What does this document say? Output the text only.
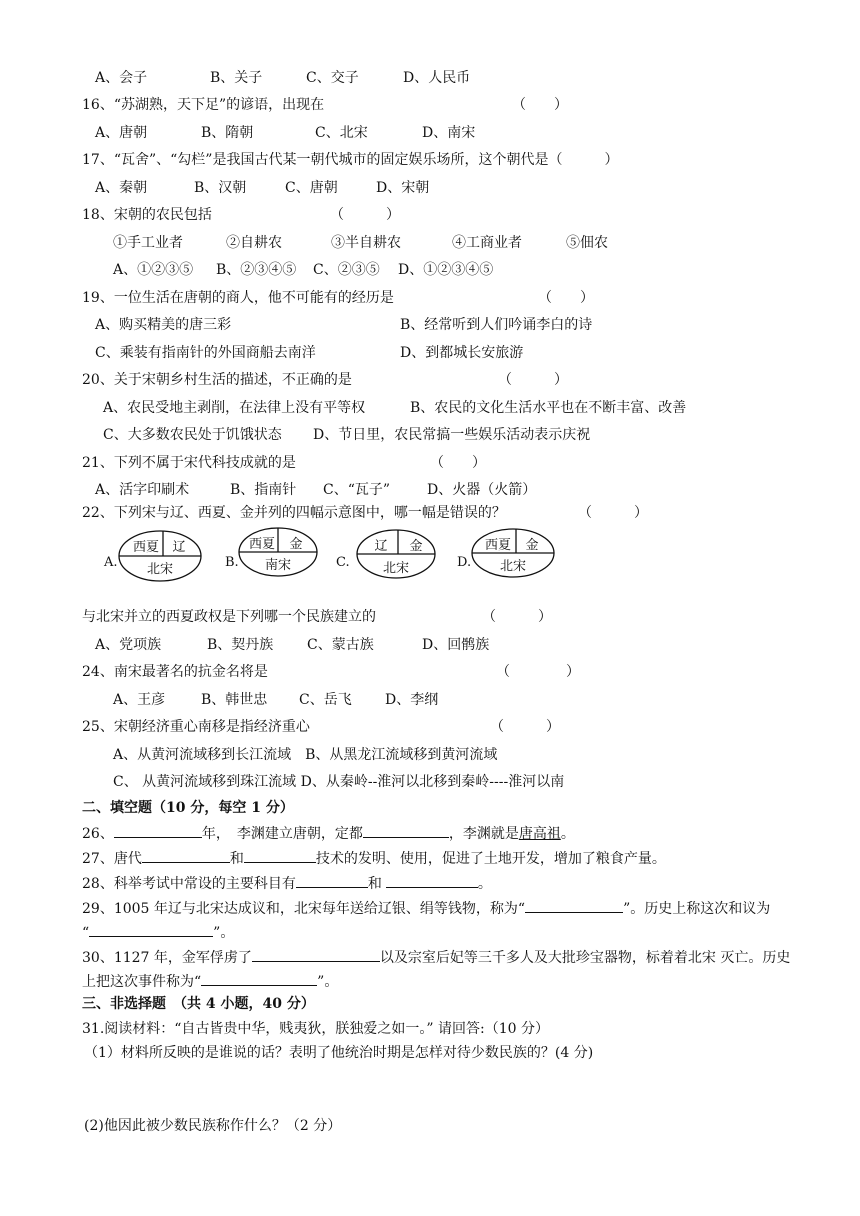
A、会子	B、关子	C、交子	D、人民币
16、“苏湖熟，天下足”的谚语，出现在	（　　）
A、唐朝	B、隋朝	C、北宋	D、南宋
17、“瓦舍”、“勾栏”是我国古代某一朝代城市的固定娱乐场所，这个朝代是（　　　）
A、秦朝	B、汉朝	C、唐朝	D、宋朝
18、宋朝的农民包括	（　　　）
①手工业者	②自耕农	③半自耕农	④工商业者	⑤佃农
A、①②③⑤ B、②③④⑤ C、②③⑤ D、①②③④⑤
19、一位生活在唐朝的商人，他不可能有的经历是	（　　）
A、购买精美的唐三彩	B、经常听到人们吟诵李白的诗
C、乘装有指南针的外国商船去南洋	D、到都城长安旅游
20、关于宋朝乡村生活的描述，不正确的是	（　　　）
A、农民受地主剥削，在法律上没有平等权	B、农民的文化生活水平也在不断丰富、改善
C、大多数农民处于饥饿状态 D、节日里，农民常搞一些娱乐活动表示庆祝
21、下列不属于宋代科技成就的是	（　　）
A、活字印刷术	B、指南针 C、“瓦子”	D、火器（火箭）
22、下列宋与辽、西夏、金并列的四幅示意图中，哪一幅是错误的？	（　　　）
A.
西夏 辽
北宋	B.
西夏 金
南宋	C.
辽 金
北宋	D.
西夏 金
北宋
与北宋并立的西夏政权是下列哪一个民族建立的	（　　　）
A、党项族	B、契丹族 C、蒙古族	D、回鹘族
24、南宋最著名的抗金名将是	（　　　　）
A、王彦	B、韩世忠 C、岳飞 D、李纲
25、宋朝经济重心南移是指经济重心	（　　　）
A、从黄河流域移到长江流域　B、从黑龙江流域移到黄河流域
C、 从黄河流域移到珠江流域 D、从秦岭--淮河以北移到秦岭----淮河以南
二、填空题（10 分，每空 1 分）
26、	年，　李渊建立唐朝，定都	，李渊就是唐高祖。
27、唐代	和	技术的发明、使用，促进了土地开发，增加了粮食产量。
28、科举考试中常设的主要科目有	和	。
29、1005 年辽与北宋达成议和，北宋每年送给辽银、绢等钱物，称为“	”。历史上称这次和议为
“	”。
30、1127 年，金军俘虏了	以及宗室后妃等三千多人及大批珍宝器物，标着着北宋 灭亡。历史
上把这次事件称为“	”。
三、非选择题　（共 4 小题，40 分）
31.阅读材料：“自古皆贵中华，贱夷狄，朕独爱之如一。” 请回答:（10 分）
（1）材料所反映的是谁说的话？表明了他统治时期是怎样对待少数民族的？(4 分)
(2)他因此被少数民族称作什么？（2 分）
